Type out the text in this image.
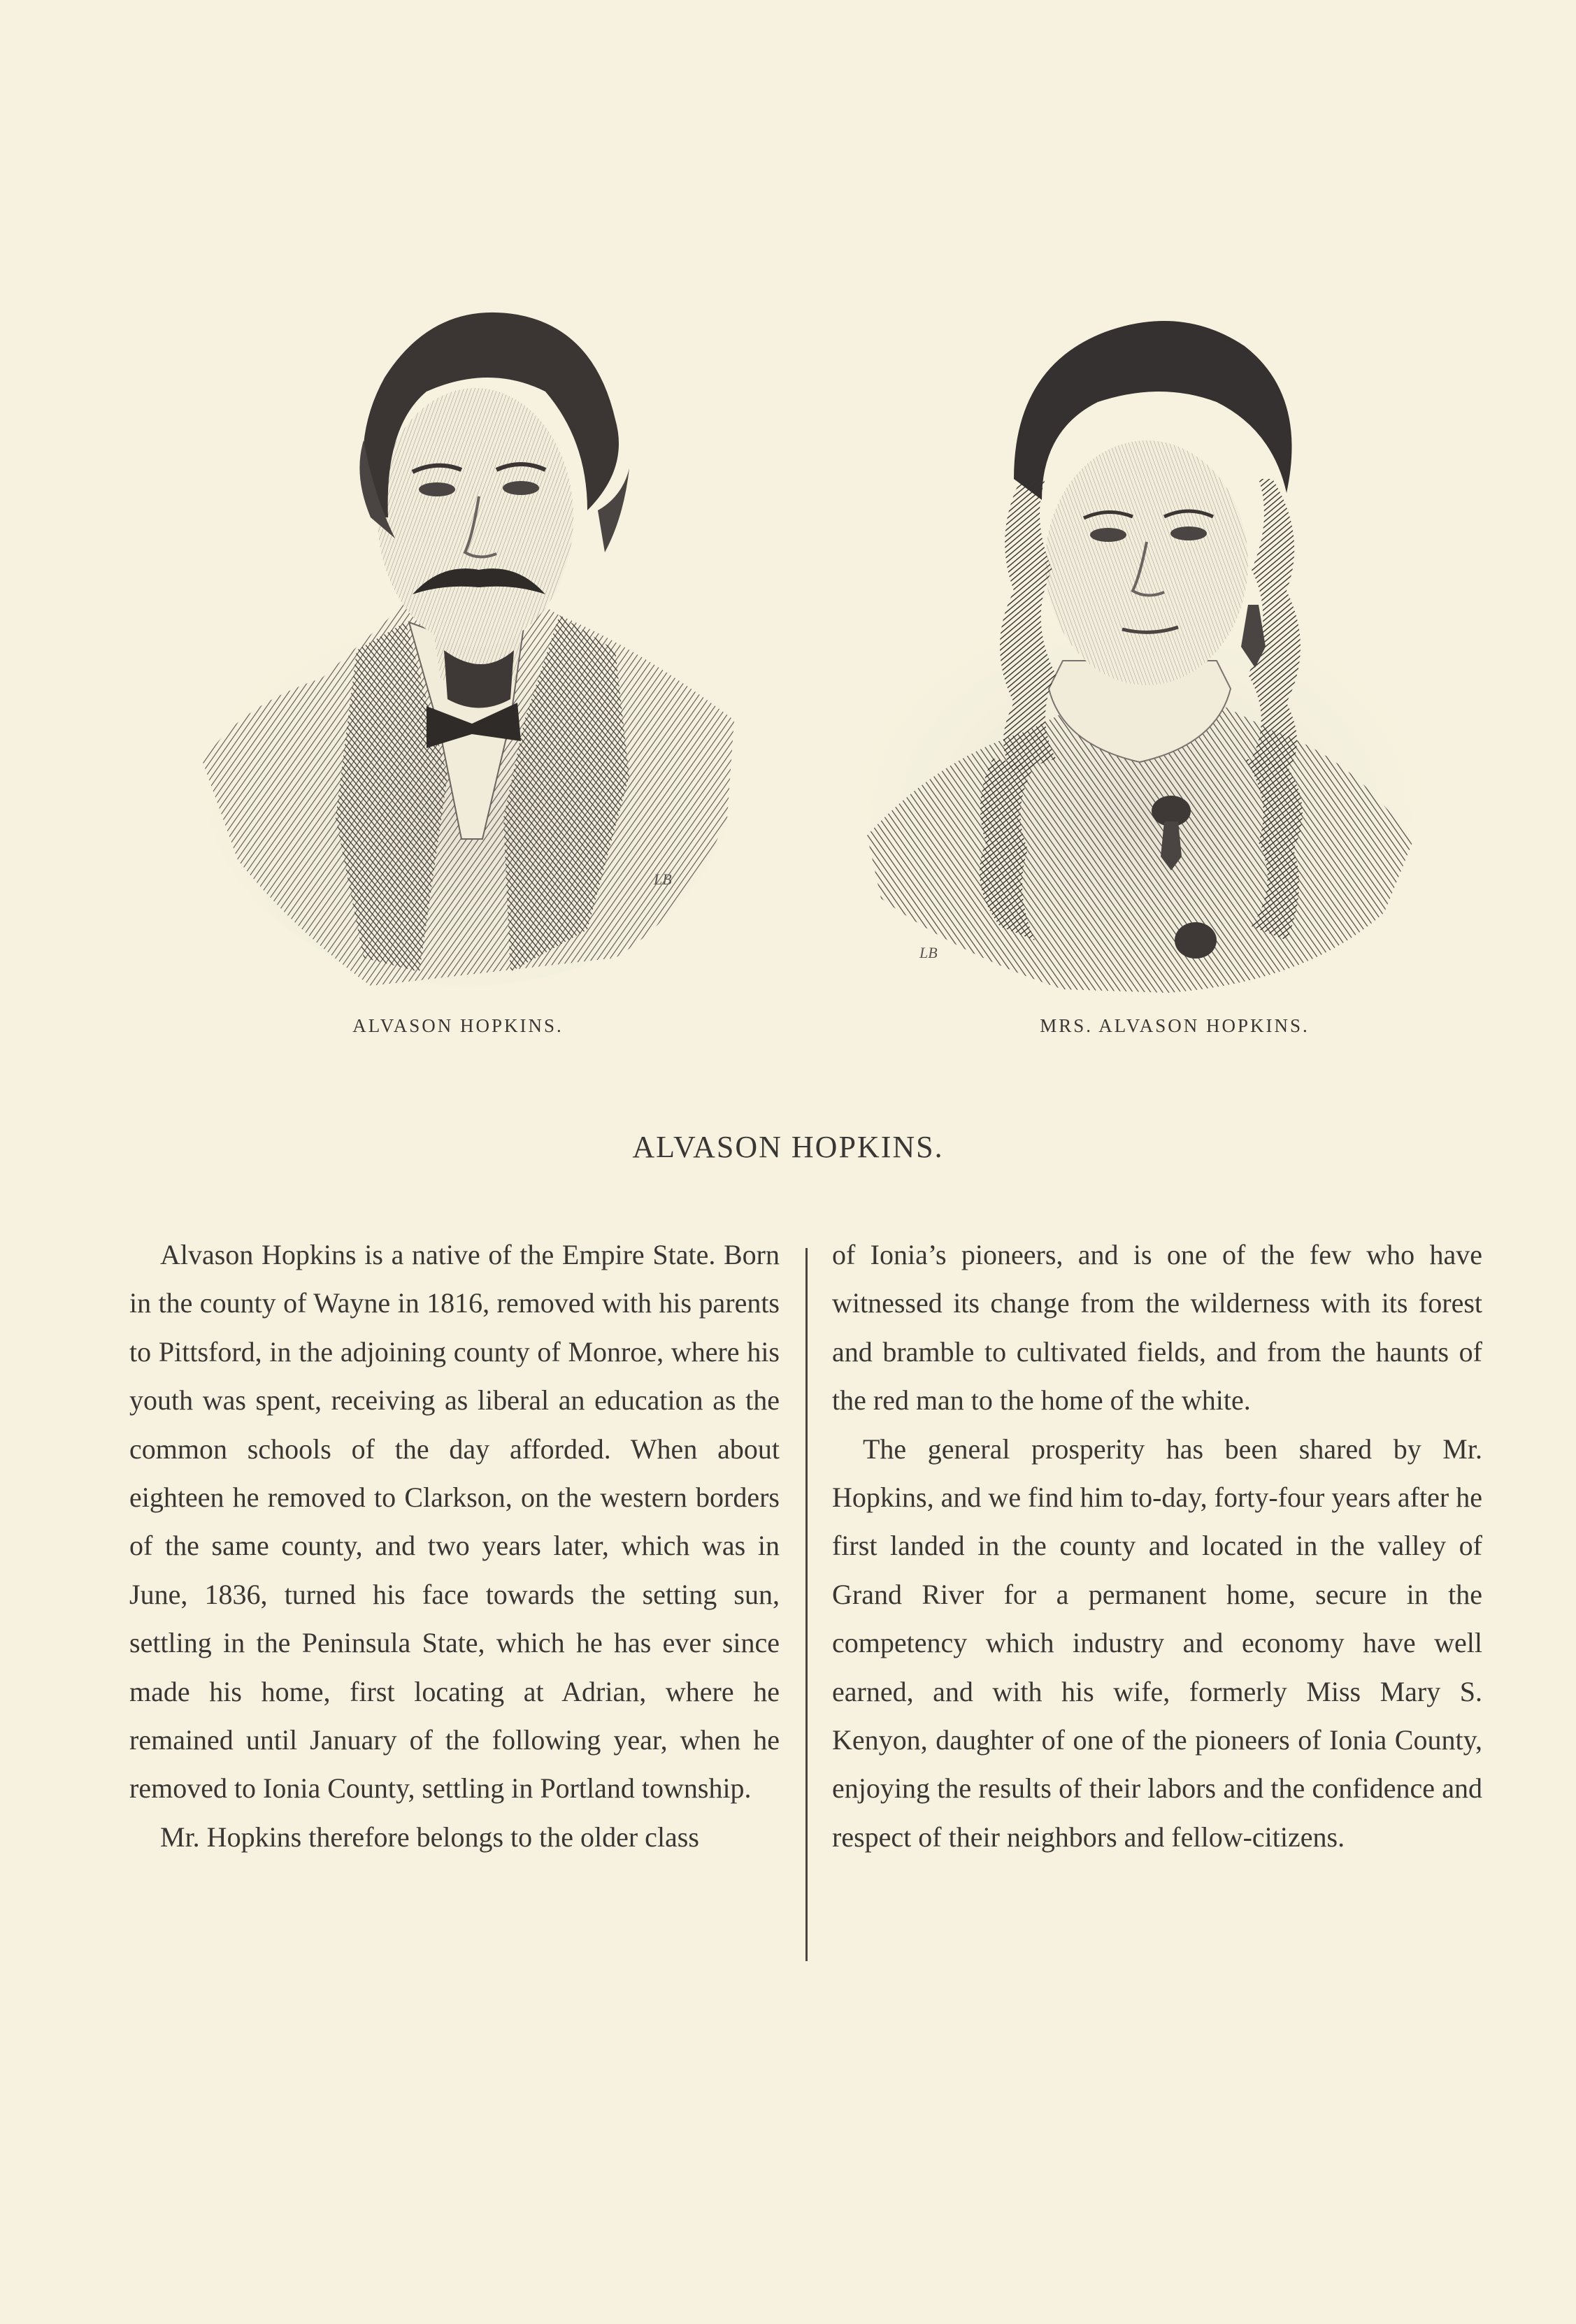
LB
LB
ALVASON HOPKINS.	MRS. ALVASON HOPKINS.
ALVASON HOPKINS.

Alvason Hopkins is a native of the Empire State. Born in the county of Wayne in 1816, removed with his parents to Pittsford, in the adjoining county of Monroe, where his youth was spent, receiving as liberal an education as the common schools of the day afforded. When about eighteen he removed to Clarkson, on the western borders of the same county, and two years later, which was in June, 1836, turned his face towards the setting sun, settling in the Peninsula State, which he has ever since made his home, first locating at Adrian, where he remained until January of the following year, when he removed to Ionia County, settling in Portland township.

Mr. Hopkins therefore belongs to the older class

of Ionia’s pioneers, and is one of the few who have witnessed its change from the wilderness with its forest and bramble to cultivated fields, and from the haunts of the red man to the home of the white.

The general prosperity has been shared by Mr. Hopkins, and we find him to-day, forty-four years after he first landed in the county and located in the valley of Grand River for a permanent home, secure in the competency which industry and economy have well earned, and with his wife, formerly Miss Mary S. Kenyon, daughter of one of the pioneers of Ionia County, enjoying the results of their labors and the confidence and respect of their neighbors and fellow-citizens.
